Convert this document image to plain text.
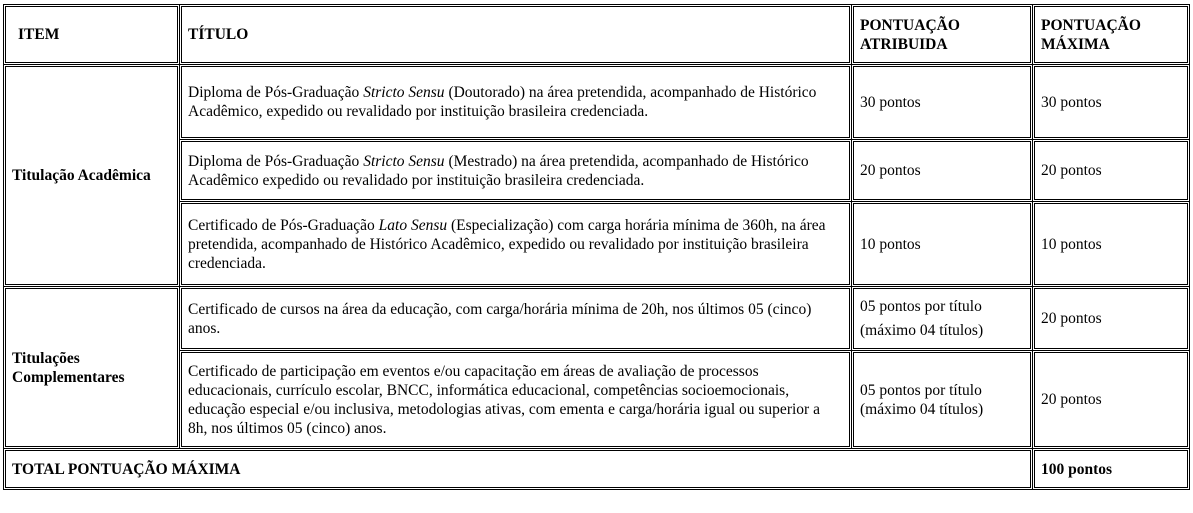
ITEM	TÍTULO	PONTUAÇÃO ATRIBUIDA	PONTUAÇÃO MÁXIMA
Titulação Acadêmica	Diploma de Pós-Graduação Stricto Sensu (Doutorado) na área pretendida, acompanhado de Histórico Acadêmico, expedido ou revalidado por instituição brasileira credenciada.	30 pontos	30 pontos
	Diploma de Pós-Graduação Stricto Sensu (Mestrado) na área pretendida, acompanhado de Histórico Acadêmico expedido ou revalidado por instituição brasileira credenciada.	20 pontos	20 pontos
	Certificado de Pós-Graduação Lato Sensu (Especialização) com carga horária mínima de 360h, na área pretendida, acompanhado de Histórico Acadêmico, expedido ou revalidado por instituição brasileira credenciada.	10 pontos	10 pontos
Titulações Complementares	Certificado de cursos na área da educação, com carga/horária mínima de 20h, nos últimos 05 (cinco) anos.	05 pontos por título (máximo 04 títulos)	20 pontos
	Certificado de participação em eventos e/ou capacitação em áreas de avaliação de processos educacionais, currículo escolar, BNCC, informática educacional, competências socioemocionais, educação especial e/ou inclusiva, metodologias ativas, com ementa e carga/horária igual ou superior a 8h, nos últimos 05 (cinco) anos.	05 pontos por título (máximo 04 títulos)	20 pontos
TOTAL PONTUAÇÃO MÁXIMA			100 pontos
